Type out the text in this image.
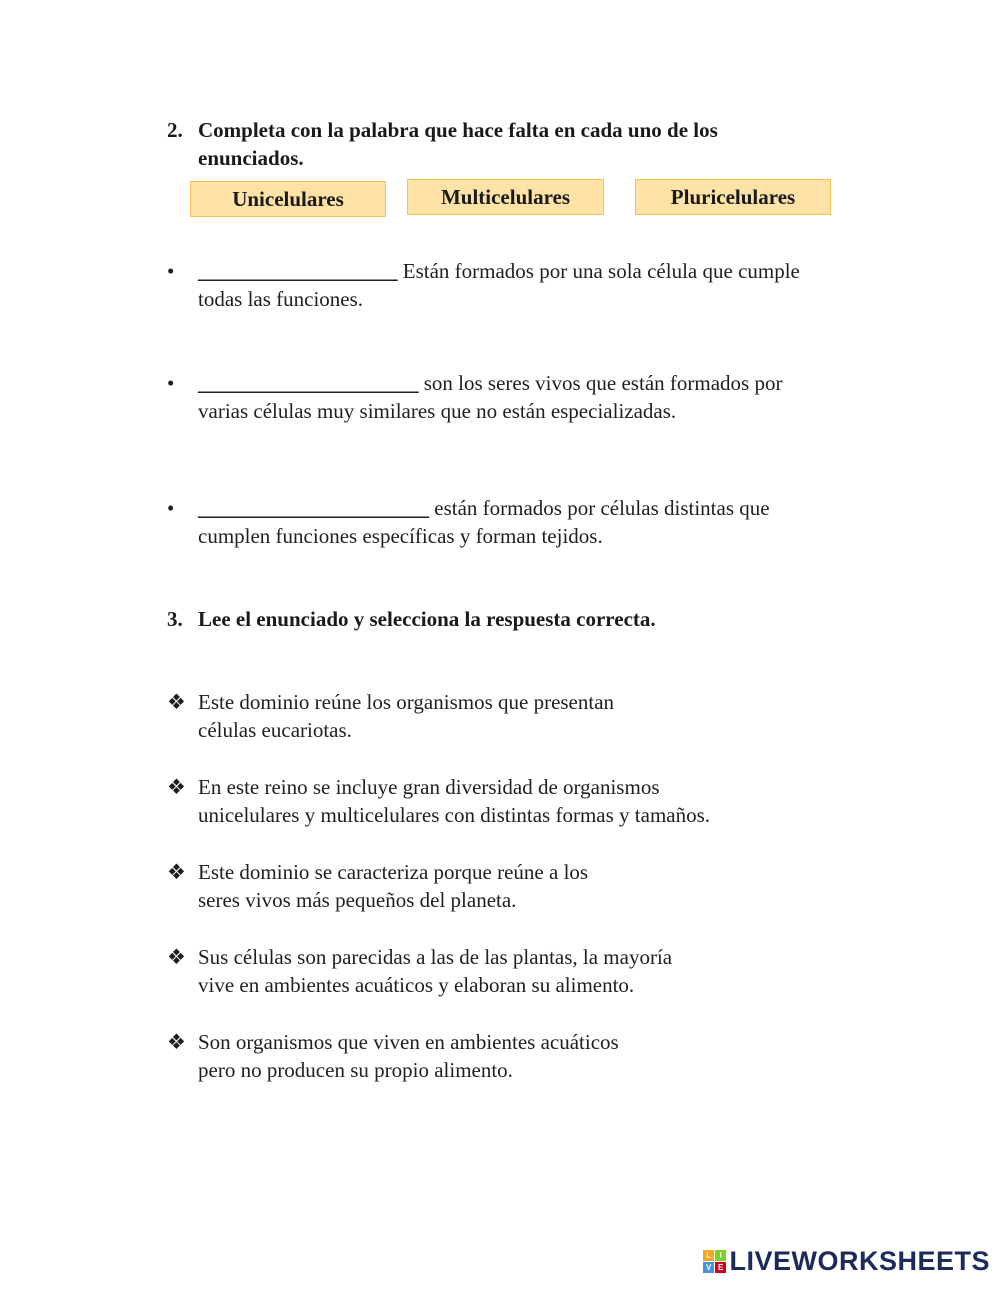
2. Completa con la palabra que hace falta en cada uno de los
enunciados.
Unicelulares	Multicelulares	Pluricelulares
•	___________________ Están formados por una sola célula que cumple
todas las funciones.
•	_____________________ son los seres vivos que están formados por
varias células muy similares que no están especializadas.
•	______________________ están formados por células distintas que
cumplen funciones específicas y forman tejidos.
3. Lee el enunciado y selecciona la respuesta correcta.
❖ Este dominio reúne los organismos que presentan
células eucariotas.
❖ En este reino se incluye gran diversidad de organismos
unicelulares y multicelulares con distintas formas y tamaños.
❖ Este dominio se caracteriza porque reúne a los
seres vivos más pequeños del planeta.
❖ Sus células son parecidas a las de las plantas, la mayoría
vive en ambientes acuáticos y elaboran su alimento.
❖ Son organismos que viven en ambientes acuáticos
pero no producen su propio alimento.
L I
V E LIVEWORKSHEETS
